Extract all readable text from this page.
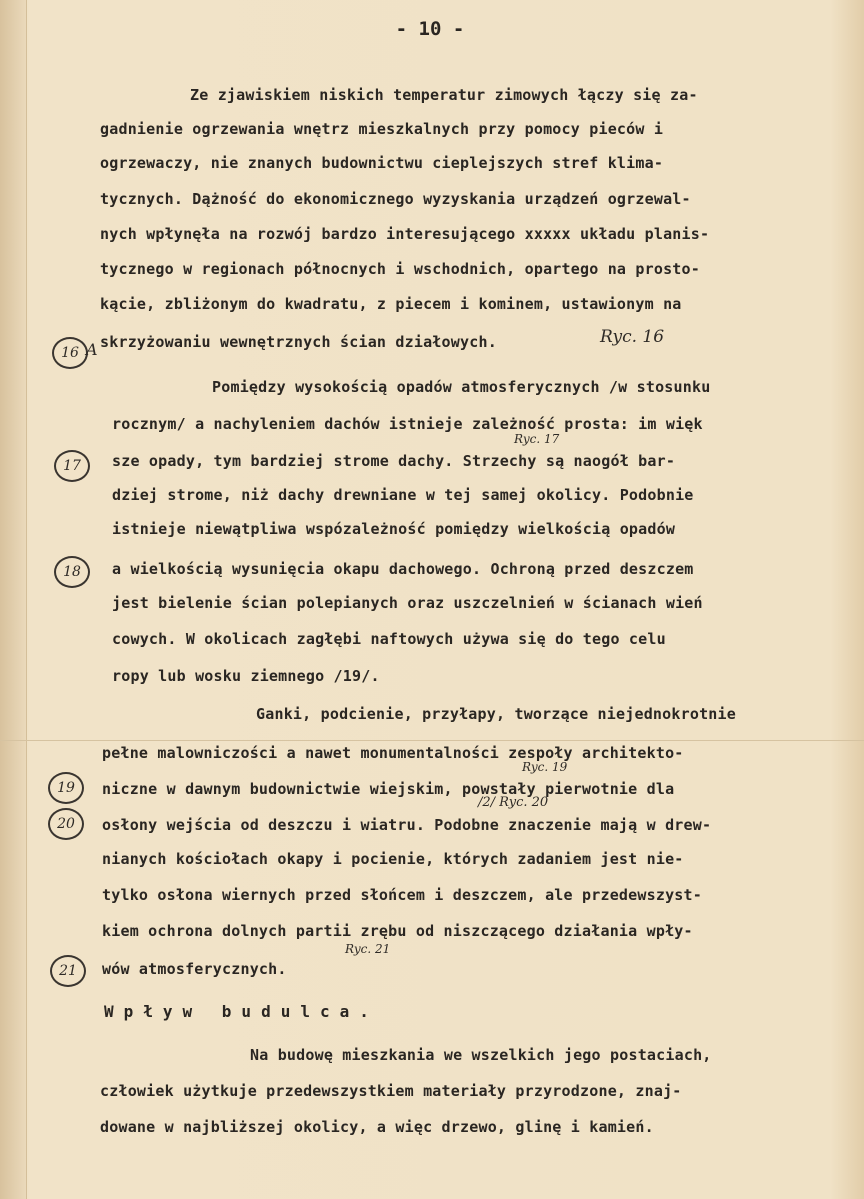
- 10 -
Ze zjawiskiem niskich temperatur zimowych łączy się za-
gadnienie ogrzewania wnętrz mieszkalnych przy pomocy pieców i
ogrzewaczy, nie znanych budownictwu cieplejszych stref klima-
tycznych. Dążność do ekonomicznego wyzyskania urządzeń ogrzewal-
nych wpłynęła na rozwój bardzo interesującego xxxxx układu planis-
tycznego w regionach północnych i wschodnich, opartego na prosto-
kącie, zbliżonym do kwadratu, z piecem i kominem, ustawionym na
skrzyżowaniu wewnętrznych ścian działowych.
Pomiędzy wysokością opadów atmosferycznych /w stosunku
rocznym/ a nachyleniem dachów istnieje zależność prosta: im więk
sze opady, tym bardziej strome dachy. Strzechy są naogół bar-
dziej strome, niż dachy drewniane w tej samej okolicy. Podobnie
istnieje niewątpliwa wspózależność pomiędzy wielkością opadów
a wielkością wysunięcia okapu dachowego. Ochroną przed deszczem
jest bielenie ścian polepianych oraz uszczelnień w ścianach wień
cowych. W okolicach zagłębi naftowych używa się do tego celu
ropy lub wosku ziemnego /19/.
Ganki, podcienie, przyłapy, tworzące niejednokrotnie
pełne malowniczości a nawet monumentalności zespoły architekto-
niczne w dawnym budownictwie wiejskim, powstały pierwotnie dla
osłony wejścia od deszczu i wiatru. Podobne znaczenie mają w drew-
nianych kościołach okapy i pocienie, których zadaniem jest nie-
tylko osłona wiernych przed słońcem i deszczem, ale przedewszyst-
kiem ochrona dolnych partii zrębu od niszczącego działania wpły-
wów atmosferycznych.
Wpływ budulca.
Na budowę mieszkania we wszelkich jego postaciach,
człowiek użytkuje przedewszystkiem materiały przyrodzone, znaj-
dowane w najbliższej okolicy, a więc drzewo, glinę i kamień.
16 A
17
18
19
20
21
Ryc. 16
Ryc. 17
Ryc. 19
/2/ Ryc. 20
Ryc. 21
